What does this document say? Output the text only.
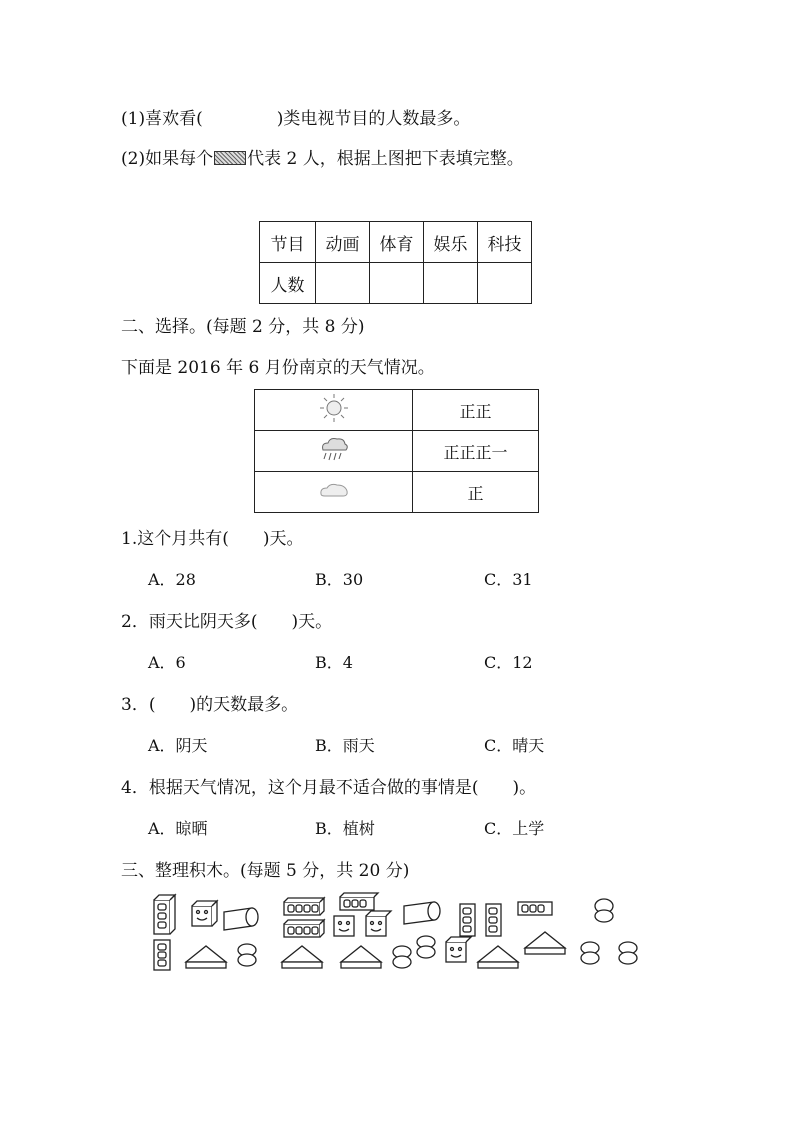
(1)喜欢看(	)类电视节目的人数最多。
(2)如果每个 代表 2 人，根据上图把下表填完整。
节目	动画	体育	娱乐	科技
人数				
二、选择。(每题 2 分，共 8 分)
下面是 2016 年 6 月份南京的天气情况。
	正正
	正正正一
	正
1.这个月共有(　　)天。
A．28	B．30	C．31
2．雨天比阴天多(　　)天。
A．6	B．4	C．12
3．(　　)的天数最多。
A．阴天	B．雨天	C．晴天
4．根据天气情况，这个月最不适合做的事情是(　　)。
A．晾晒	B．植树	C．上学
三、整理积木。(每题 5 分，共 20 分)
